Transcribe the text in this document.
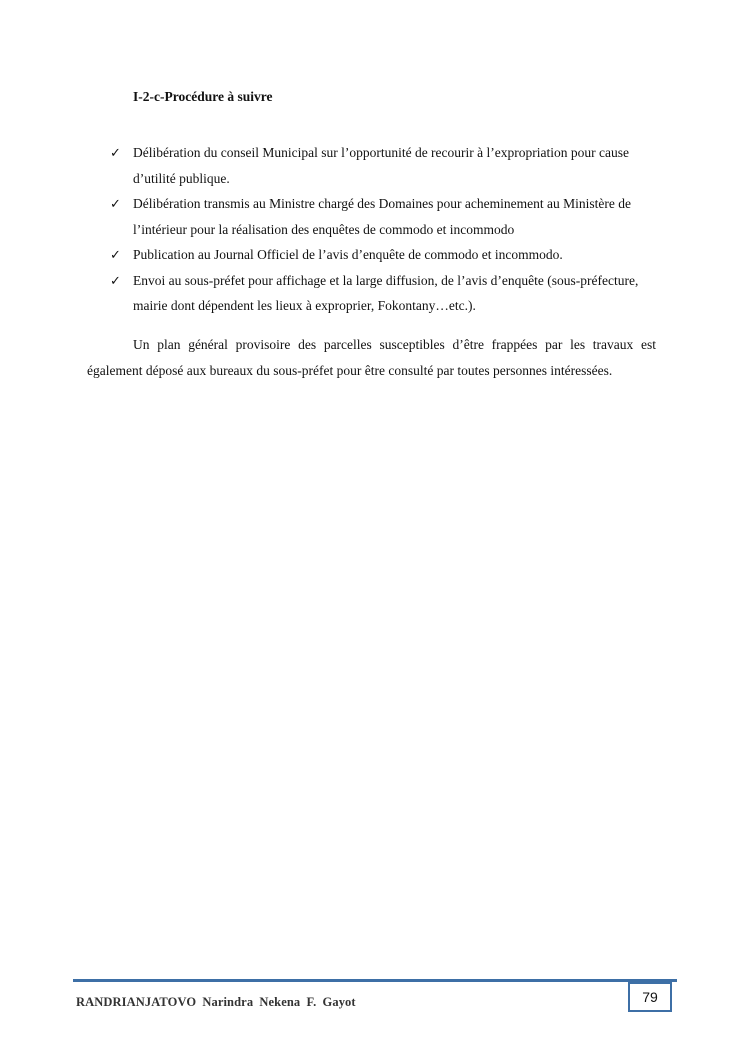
I-2-c-Procédure à suivre
✓ Délibération du conseil Municipal sur l’opportunité de recourir à l’expropriation pour cause d’utilité publique.
✓ Délibération transmis au Ministre chargé des Domaines pour acheminement au Ministère de l’intérieur pour la réalisation des enquêtes de commodo et incommodo
✓ Publication au Journal Officiel de l’avis d’enquête de commodo et incommodo.
✓ Envoi au sous-préfet pour affichage et la large diffusion, de l’avis d’enquête (sous-préfecture, mairie dont dépendent les lieux à exproprier, Fokontany…etc.).

Un plan général provisoire des parcelles susceptibles d’être frappées par les travaux est également déposé aux bureaux du sous-préfet pour être consulté par toutes personnes intéressées.

RANDRIANJATOVO Narindra Nekena F. Gayot	79
